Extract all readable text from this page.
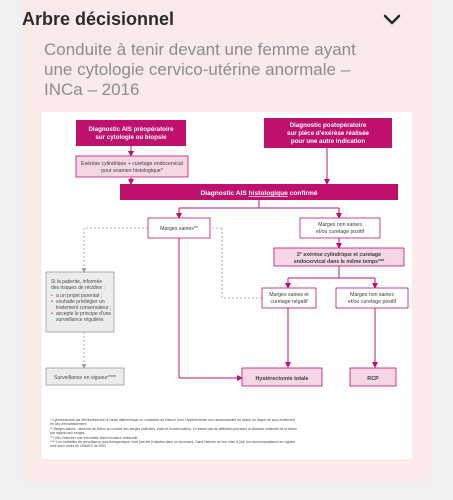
Arbre décisionnel
Conduite à tenir devant une femme ayant une cytologie cervico-utérine anormale – INCa – 2016
Diagnostic AIS préopératoire
sur cytologie ou biopsie
Diagnostic postopératoire
sur pièce d'exérèse réalisée
pour une autre indication
Exérèse cylindrique + curetage endocervical
pour examen histologique*
Diagnostic AIS histologique confirmé
Marges saines**
Marges non saines
et/ou curetage positif
2° exérèse cylindrique et curetage
endocervical dans le même temps***
Marges saines et
curetage négatif
Marges non saines
et/ou curetage positif
Si la patiente, informée
des risques de récidive :
• a un projet parental ;
• souhaite privilégier un
traitement conservateur ;
• accepte le principe d'une
surveillance régulière.
Surveillance en vigueur****	Hystérectomie totale	RCP
* Cylindrectomie par électrorésection à l'anse diathermique ou conisation au bistouri froid. Hystérectomie non recommandée en raison du risque de sous-traitement
en cas d'envahissement.
** Marges saines : absence de lésion au contact des berges (latérales, endo et exocervicales). Il n'existe pas de définition précisant la distance minimale de la lésion
par rapport aux berges.
*** Afin d'éliminer une éventuelle lésion invasive résiduelle.
**** Les modalités de surveillance post-thérapeutique n'ont pas été évaluées dans ce document. Dans l'attente de leur mise à jour, les recommandations en vigueur
sont deux celles de l'ANAES de 2002.
